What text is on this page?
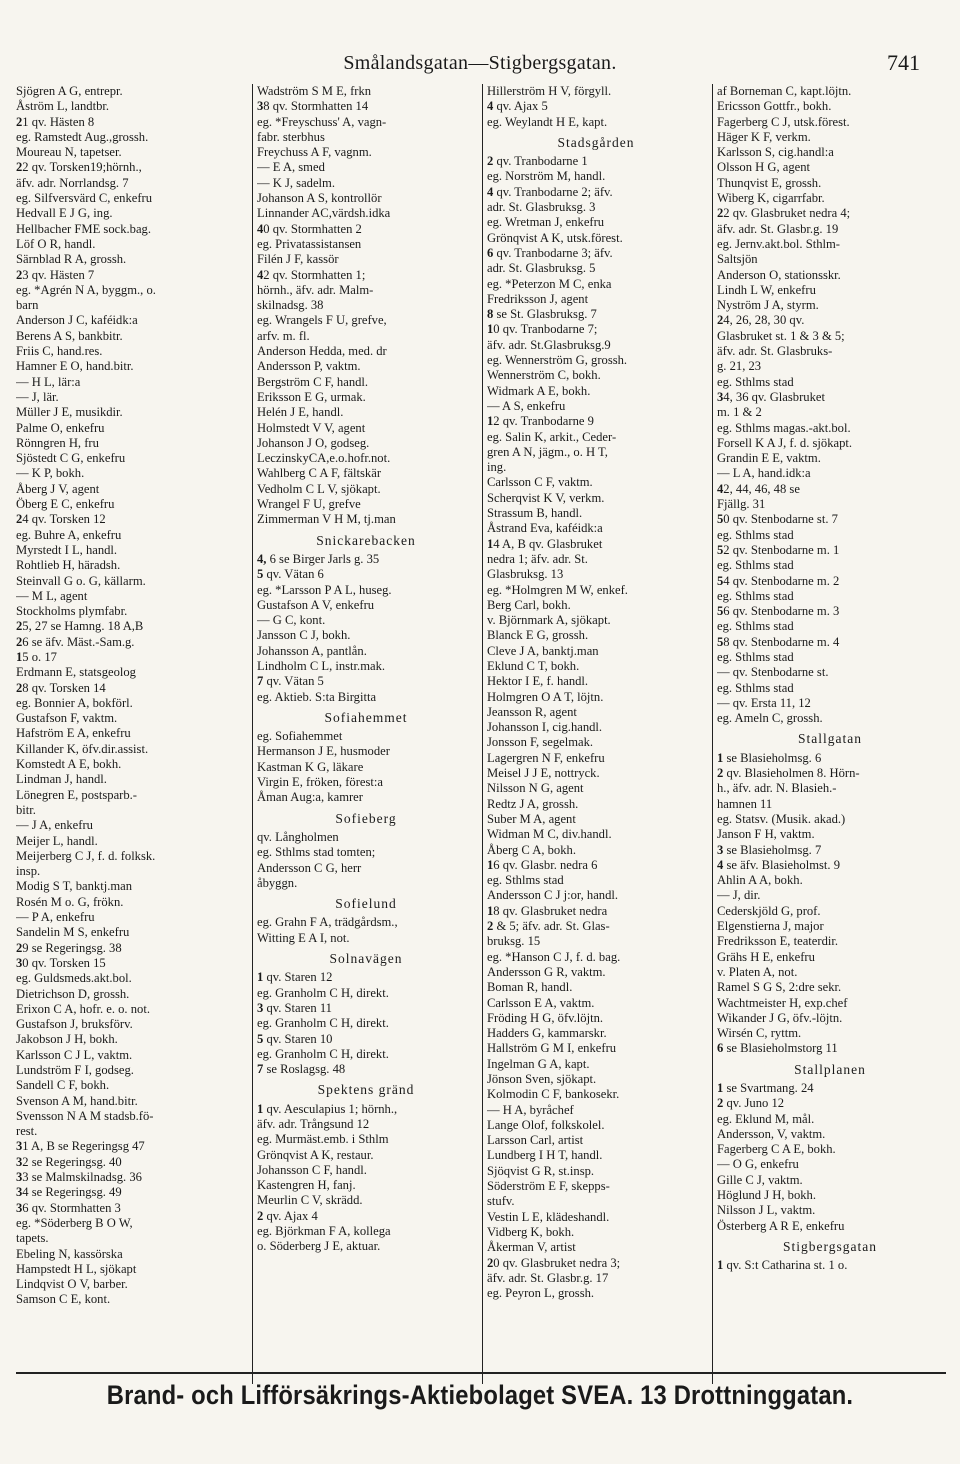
Smålandsgatan—Stigbergsgatan.	741
Sjögren A G, entrepr.
Åström L, landtbr.
21 qv. Hästen 8
eg. Ramstedt Aug.,grossh.
Moureau N, tapetser.
22 qv. Torsken19;hörnh.,
äfv. adr. Norrlandsg. 7
eg. Silfversvärd C, enkefru
Hedvall E J G, ing.
Hellbacher FME sock.bag.
Löf O R, handl.
Särnblad R A, grossh.
23 qv. Hästen 7
eg. *Agrén N A, byggm., o.
barn
Anderson J C, kaféidk:a
Berens A S, bankbitr.
Friis C, hand.res.
Hamner E O, hand.bitr.
— H L, lär:a
— J, lär.
Müller J E, musikdir.
Palme O, enkefru
Rönngren H, fru
Sjöstedt C G, enkefru
— K P, bokh.
Åberg J V, agent
Öberg E C, enkefru
24 qv. Torsken 12
eg. Buhre A, enkefru
Myrstedt I L, handl.
Rohtlieb H, häradsh.
Steinvall G o. G, källarm.
— M L, agent
Stockholms plymfabr.
25, 27 se Hamng. 18 A,B
26 se äfv. Mäst.-Sam.g.
15 o. 17
Erdmann E, statsgeolog
28 qv. Torsken 14
eg. Bonnier A, bokförl.
Gustafson F, vaktm.
Hafström E A, enkefru
Killander K, öfv.dir.assist.
Komstedt A E, bokh.
Lindman J, handl.
Lönegren E, postsparb.-
bitr.
— J A, enkefru
Meijer L, handl.
Meijerberg C J, f. d. folksk.
insp.
Modig S T, banktj.man
Rosén M o. G, frökn.
— P A, enkefru
Sandelin M S, enkefru
29 se Regeringsg. 38
30 qv. Torsken 15
eg. Guldsmeds.akt.bol.
Dietrichson D, grossh.
Erixon C A, hofr. e. o. not.
Gustafson J, bruksförv.
Jakobson J H, bokh.
Karlsson C J L, vaktm.
Lundström F I, godseg.
Sandell C F, bokh.
Svenson A M, hand.bitr.
Svensson N A M stadsb.fö-
rest.
31 A, B se Regeringsg 47
32 se Regeringsg. 40
33 se Malmskilnadsg. 36
34 se Regeringsg. 49
36 qv. Stormhatten 3
eg. *Söderberg B O W,
tapets.
Ebeling N, kassörska
Hampstedt H L, sjökapt
Lindqvist O V, barber.
Samson C E, kont.
Wadström S M E, frkn
38 qv. Stormhatten 14
eg. *Freyschuss' A, vagn-
fabr. sterbhus
Freychuss A F, vagnm.
— E A, smed
— K J, sadelm.
Johanson A S, kontrollör
Linnander AC,värdsh.idka
40 qv. Stormhatten 2
eg. Privatassistansen
Filén J F, kassör
42 qv. Stormhatten 1;
hörnh., äfv. adr. Malm-
skilnadsg. 38
eg. Wrangels F U, grefve,
arfv. m. fl.
Anderson Hedda, med. dr
Andersson P, vaktm.
Bergström C F, handl.
Eriksson E G, urmak.
Helén J E, handl.
Holmstedt V V, agent
Johanson J O, godseg.
LeczinskyCA,e.o.hofr.not.
Wahlberg C A F, fältskär
Vedholm C L V, sjökapt.
Wrangel F U, grefve
Zimmerman V H M, tj.man
Snickarebacken
4, 6 se Birger Jarls g. 35
5 qv. Vätan 6
eg. *Larsson P A L, huseg.
Gustafson A V, enkefru
— G C, kont.
Jansson C J, bokh.
Johansson A, pantlån.
Lindholm C L, instr.mak.
7 qv. Vätan 5
eg. Aktieb. S:ta Birgitta
Sofiahemmet
eg. Sofiahemmet
Hermanson J E, husmoder
Kastman K G, läkare
Virgin E, fröken, förest:a
Åman Aug:a, kamrer
Sofieberg
qv. Långholmen
eg. Sthlms stad tomten;
Andersson C G, herr
åbyggn.
Sofielund
eg. Grahn F A, trädgårdsm.,
Witting E A I, not.
Solnavägen
1 qv. Staren 12
eg. Granholm C H, direkt.
3 qv. Staren 11
eg. Granholm C H, direkt.
5 qv. Staren 10
eg. Granholm C H, direkt.
7 se Roslagsg. 48
Spektens gränd
1 qv. Aesculapius 1; hörnh.,
äfv. adr. Trångsund 12
eg. Murmäst.emb. i Sthlm
Grönqvist A K, restaur.
Johansson C F, handl.
Kastengren H, fanj.
Meurlin C V, skrädd.
2 qv. Ajax 4
eg. Björkman F A, kollega
o. Söderberg J E, aktuar.
Hillerström H V, förgyll.
4 qv. Ajax 5
eg. Weylandt H E, kapt.
Stadsgården
2 qv. Tranbodarne 1
eg. Norström M, handl.
4 qv. Tranbodarne 2; äfv.
adr. St. Glasbruksg. 3
eg. Wretman J, enkefru
Grönqvist A K, utsk.förest.
6 qv. Tranbodarne 3; äfv.
adr. St. Glasbruksg. 5
eg. *Peterzon M C, enka
Fredriksson J, agent
8 se St. Glasbruksg. 7
10 qv. Tranbodarne 7;
äfv. adr. St.Glasbruksg.9
eg. Wennerström G, grossh.
Wennerström C, bokh.
Widmark A E, bokh.
— A S, enkefru
12 qv. Tranbodarne 9
eg. Salin K, arkit., Ceder-
gren A N, jägm., o. H T,
ing.
Carlsson C F, vaktm.
Scherqvist K V, verkm.
Strassum B, handl.
Åstrand Eva, kaféidk:a
14 A, B qv. Glasbruket
nedra 1; äfv. adr. St.
Glasbruksg. 13
eg. *Holmgren M W, enkef.
Berg Carl, bokh.
v. Björnmark A, sjökapt.
Blanck E G, grossh.
Cleve J A, banktj.man
Eklund C T, bokh.
Hektor I E, f. handl.
Holmgren O A T, löjtn.
Jeansson R, agent
Johansson I, cig.handl.
Jonsson F, segelmak.
Lagergren N F, enkefru
Meisel J J E, nottryck.
Nilsson N G, agent
Redtz J A, grossh.
Suber M A, agent
Widman M C, div.handl.
Åberg C A, bokh.
16 qv. Glasbr. nedra 6
eg. Sthlms stad
Andersson C J j:or, handl.
18 qv. Glasbruket nedra
2 & 5; äfv. adr. St. Glas-
bruksg. 15
eg. *Hanson C J, f. d. bag.
Andersson G R, vaktm.
Boman R, handl.
Carlsson E A, vaktm.
Fröding H G, öfv.löjtn.
Hadders G, kammarskr.
Hallström G M I, enkefru
Ingelman G A, kapt.
Jönson Sven, sjökapt.
Kolmodin C F, bankosekr.
— H A, byråchef
Lange Olof, folkskolel.
Larsson Carl, artist
Lundberg I H T, handl.
Sjöqvist G R, st.insp.
Söderström E F, skepps-
stufv.
Vestin L E, klädeshandl.
Vidberg K, bokh.
Åkerman V, artist
20 qv. Glasbruket nedra 3;
äfv. adr. St. Glasbr.g. 17
eg. Peyron L, grossh.
af Borneman C, kapt.löjtn.
Ericsson Gottfr., bokh.
Fagerberg C J, utsk.förest.
Häger K F, verkm.
Karlsson S, cig.handl:a
Olsson H G, agent
Thunqvist E, grossh.
Wiberg K, cigarrfabr.
22 qv. Glasbruket nedra 4;
äfv. adr. St. Glasbr.g. 19
eg. Jernv.akt.bol. Sthlm-
Saltsjön
Anderson O, stationsskr.
Lindh L W, enkefru
Nyström J A, styrm.
24, 26, 28, 30 qv.
Glasbruket st. 1 & 3 & 5;
äfv. adr. St. Glasbruks-
g. 21, 23
eg. Sthlms stad
34, 36 qv. Glasbruket
m. 1 & 2
eg. Sthlms magas.-akt.bol.
Forsell K A J, f. d. sjökapt.
Grandin E E, vaktm.
— L A, hand.idk:a
42, 44, 46, 48 se
Fjällg. 31
50 qv. Stenbodarne st. 7
eg. Sthlms stad
52 qv. Stenbodarne m. 1
eg. Sthlms stad
54 qv. Stenbodarne m. 2
eg. Sthlms stad
56 qv. Stenbodarne m. 3
eg. Sthlms stad
58 qv. Stenbodarne m. 4
eg. Sthlms stad
— qv. Stenbodarne st.
eg. Sthlms stad
— qv. Ersta 11, 12
eg. Ameln C, grossh.
Stallgatan
1 se Blasieholmsg. 6
2 qv. Blasieholmen 8. Hörn-
h., äfv. adr. N. Blasieh.-
hamnen 11
eg. Statsv. (Musik. akad.)
Janson F H, vaktm.
3 se Blasieholmsg. 7
4 se äfv. Blasieholmst. 9
Ahlin A A, bokh.
— J, dir.
Cederskjöld G, prof.
Elgenstierna J, major
Fredriksson E, teaterdir.
Grähs H E, enkefru
v. Platen A, not.
Ramel S G S, 2:dre sekr.
Wachtmeister H, exp.chef
Wikander J G, öfv.-löjtn.
Wirsén C, ryttm.
6 se Blasieholmstorg 11
Stallplanen
1 se Svartmang. 24
2 qv. Juno 12
eg. Eklund M, mål.
Andersson, V, vaktm.
Fagerberg C A E, bokh.
— O G, enkefru
Gille C J, vaktm.
Höglund J H, bokh.
Nilsson J L, vaktm.
Österberg A R E, enkefru
Stigbergsgatan
1 qv. S:t Catharina st. 1 o.
Brand- och Lifförsäkrings-Aktiebolaget SVEA. 13 Drottninggatan.
